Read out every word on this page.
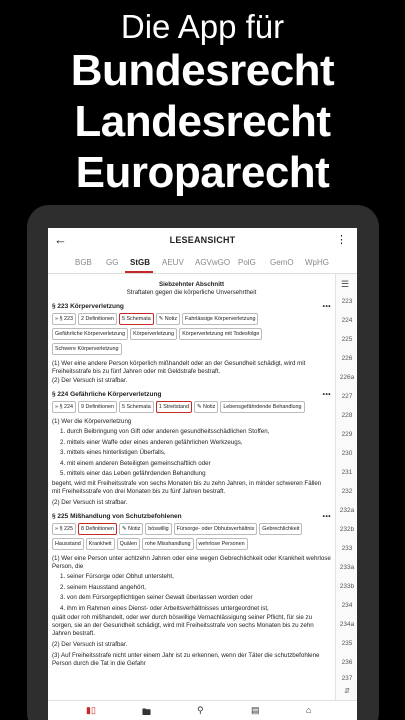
Die App für
Bundesrecht
Landesrecht
Europarecht
←	LESEANSICHT	⋮
BGB GG StGB AEUV AGVwGO PolG GemO WpHG
Siebzehnter Abschnitt
Straftaten gegen die körperliche Unversehrtheit
§ 223 Körperverletzung	•••
» § 223	2 Definitionen	5 Schemata	✎ Notiz	Fahrlässige Körperverletzung
Gefährliche Körperverletzung	Körperverletzung	Körperverletzung mit Todesfolge
Schwere Körperverletzung
(1) Wer eine andere Person körperlich mißhandelt oder an der Gesundheit schädigt, wird mit Freiheitsstrafe bis zu fünf Jahren oder mit Geldstrafe bestraft.
(2) Der Versuch ist strafbar.
§ 224 Gefährliche Körperverletzung	•••
» § 224	9 Definitionen	5 Schemata	1 Streitstand	✎ Notiz	Lebensgefährdende Behandlung
(1) Wer die Körperverletzung
1. durch Beibringung von Gift oder anderen gesundheitsschädlichen Stoffen,
2. mittels einer Waffe oder eines anderen gefährlichen Werkzeugs,
3. mittels eines hinterlistigen Überfalls,
4. mit einem anderen Beteiligten gemeinschaftlich oder
5. mittels einer das Leben gefährdenden Behandlung
begeht, wird mit Freiheitsstrafe von sechs Monaten bis zu zehn Jahren, in minder schweren Fällen mit Freiheitsstrafe von drei Monaten bis zu fünf Jahren bestraft.
(2) Der Versuch ist strafbar.
§ 225 Mißhandlung von Schutzbefohlenen	•••
» § 225	8 Definitionen	✎ Notiz	böswillig	Fürsorge- oder Obhutsverhältnis	Gebrechlichkeit
Hausstand	Krankheit	Quälen	rohe Misshandlung	wehrlose Personen
(1) Wer eine Person unter achtzehn Jahren oder eine wegen Gebrechlichkeit oder Krankheit wehrlose Person, die
1. seiner Fürsorge oder Obhut untersteht,
2. seinem Hausstand angehört,
3. von dem Fürsorgepflichtigen seiner Gewalt überlassen worden oder
4. ihm im Rahmen eines Dienst- oder Arbeitsverhältnisses untergeordnet ist,
quält oder roh mißhandelt, oder wer durch böswillige Vernachlässigung seiner Pflicht, für sie zu sorgen, sie an der Gesundheit schädigt, wird mit Freiheitsstrafe von sechs Monaten bis zu zehn Jahren bestraft.
(2) Der Versuch ist strafbar.
(3) Auf Freiheitsstrafe nicht unter einem Jahr ist zu erkennen, wenn der Täter die schutzbefohlene Person durch die Tat in die Gefahr
☰
223
224
225
226
226a
227
228
229
230
231
232
232a
232b
233
233a
233b
234
234a
235
236
237
⇵
▮▯	🖿	⚲	▤	⌂
